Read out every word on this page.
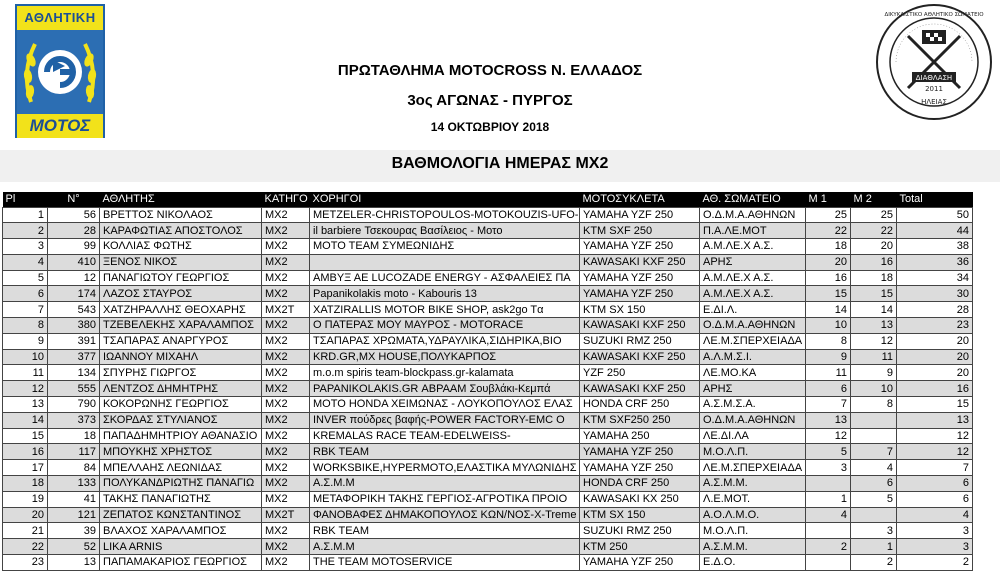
ΑΘΛΗΤΙΚΗ
ΜΟΤΟΣ
ΔΙΑΘΛΑΣΗ
2011
ΗΛΕΙΑΣ
ΔΙΚΥΚΛΙΣΤΙΚΟ ΑΘΛΗΤΙΚΟ ΣΩΜΑΤΕΙΟ
ΠΡΩΤΑΘΛΗΜΑ MOTOCROSS Ν. ΕΛΛΑΔΟΣ
3ος ΑΓΩΝΑΣ - ΠΥΡΓΟΣ
14 ΟΚΤΩΒΡΙΟΥ 2018
ΒΑΘΜΟΛΟΓΙΑ ΗΜΕΡΑΣ MX2
Pl	N°	ΑΘΛΗΤΗΣ	ΚΑΤΗΓΟ	ΧΟΡΗΓΟΙ	ΜΟΤΟΣΥΚΛΕΤΑ	ΑΘ. ΣΩΜΑΤΕΙΟ	Μ 1	Μ 2	Total
1	56	ΒΡΕΤΤΟΣ ΝΙΚΟΛΑΟΣ	MX2	METZELER-CHRISTOPOULOS-MOTOKOUZIS-UFO-	YAMAHA YZF 250	Ο.Δ.Μ.Α.ΑΘΗΝΩΝ	25	25	50
2	28	ΚΑΡΑΦΩΤΙΑΣ ΑΠΟΣΤΟΛΟΣ	MX2	il barbiere Τσεκουρας Βασίλειος - Μοτο	KTM SXF 250	Π.Α.ΛΕ.ΜΟΤ	22	22	44
3	99	ΚΟΛΛΙΑΣ ΦΩΤΗΣ	MX2	MOTO TEAM ΣΥΜΕΩΝΙΔΗΣ	YAMAHA YZF 250	Α.Μ.ΛΕ.Χ Α.Σ.	18	20	38
4	410	ΞΕΝΟΣ ΝΙΚΟΣ	MX2		KAWASAKI KXF 250	ΑΡΗΣ	20	16	36
5	12	ΠΑΝΑΓΙΩΤΟΥ ΓΕΩΡΓΙΟΣ	MX2	ΑΜΒΥΞ ΑΕ LUCOZADE ENERGY - ΑΣΦΑΛΕΙΕΣ ΠΑ	YAMAHA YZF 250	Α.Μ.ΛΕ.Χ Α.Σ.	16	18	34
6	174	ΛΑΖΟΣ ΣΤΑΥΡΟΣ	MX2	Papanikolakis moto - Kabouris 13	YAMAHA YZF 250	Α.Μ.ΛΕ.Χ Α.Σ.	15	15	30
7	543	ΧΑΤΖΗΡΑΛΛΗΣ ΘΕΟΧΑΡΗΣ	MX2T	XATZIRALLIS MOTOR BIKE SHOP, ask2go Tα	KTM SX 150	Ε.ΔΙ.Λ.	14	14	28
8	380	ΤΖΕΒΕΛΕΚΗΣ ΧΑΡΑΛΑΜΠΟΣ	MX2	Ο ΠΑΤΕΡΑΣ ΜΟΥ ΜΑΥΡΟΣ - MOTORACE	KAWASAKI KXF 250	Ο.Δ.Μ.Α.ΑΘΗΝΩΝ	10	13	23
9	391	ΤΣΑΠΑΡΑΣ ΑΝΑΡΓΥΡΟΣ	MX2	ΤΣΑΠΑΡΑΣ ΧΡΩΜΑΤΑ,ΥΔΡΑΥΛΙΚΑ,ΣΙΔΗΡΙΚΑ,ΒΙΟ	SUZUKI RMZ 250	ΛΕ.Μ.ΣΠΕΡΧΕΙΑΔΑ	8	12	20
10	377	ΙΩΑΝΝΟΥ ΜΙΧΑΗΛ	MX2	KRD.GR,MX HOUSE,ΠΟΛΥΚΑΡΠΟΣ	KAWASAKI KXF 250	Α.Λ.Μ.Σ.Ι.	9	11	20
11	134	ΣΠΥΡΗΣ ΓΙΩΡΓΟΣ	MX2	m.o.m spiris team-blockpass.gr-kalamata	YZF 250	ΛΕ.ΜΟ.ΚΑ	11	9	20
12	555	ΛΕΝΤΖΟΣ ΔΗΜΗΤΡΗΣ	MX2	PAPANIKOLAKIS.GR ΑΒΡΑΑΜ Σουβλάκι-Κεμπά	KAWASAKI KXF 250	ΑΡΗΣ	6	10	16
13	790	ΚΟΚΟΡΩΝΗΣ ΓΕΩΡΓΙΟΣ	MX2	MOTO HONDA ΧΕΙΜΩΝΑΣ - ΛΟΥΚΟΠΟΥΛΟΣ ΕΛΑΣ	HONDA CRF 250	Α.Σ.Μ.Σ.Α.	7	8	15
14	373	ΣΚΟΡΔΑΣ ΣΤΥΛΙΑΝΟΣ	MX2	INVER πούδρες βαφής-POWER FACTORY-EMC O	KTM SXF250 250	Ο.Δ.Μ.Α.ΑΘΗΝΩΝ	13		13
15	18	ΠΑΠΑΔΗΜΗΤΡΙΟΥ ΑΘΑΝΑΣΙΟ	MX2	KREMALAS RACE TEAM-EDELWEISS-	YAMAHA 250	ΛΕ.ΔΙ.ΛΑ	12		12
16	117	ΜΠΟΥΚΗΣ ΧΡΗΣΤΟΣ	MX2	RBK TEAM	YAMAHA YZF 250	Μ.Ο.Λ.Π.	5	7	12
17	84	ΜΠΕΛΛΑΗΣ ΛΕΩΝΙΔΑΣ	MX2	WORKSBIKE,HYPERMOTO,ΕΛΑΣΤΙΚΑ ΜΥΛΩΝΙΔΗΣ	YAMAHA YZF 250	ΛΕ.Μ.ΣΠΕΡΧΕΙΑΔΑ	3	4	7
18	133	ΠΟΛΥΚΑΝΔΡΙΩΤΗΣ ΠΑΝΑΓΙΩ	MX2	Α.Σ.Μ.Μ	HONDA CRF 250	Α.Σ.Μ.Μ.		6	6
19	41	ΤΑΚΗΣ ΠΑΝΑΓΙΩΤΗΣ	MX2	ΜΕΤΑΦΟΡΙΚΗ ΤΑΚΗΣ ΓΕΡΓΙΟΣ-ΑΓΡΟΤΙΚΑ ΠΡΟΙΟ	KAWASAKI KX 250	Λ.Ε.ΜΟΤ.	1	5	6
20	121	ΖΕΠΑΤΟΣ ΚΩΝΣΤΑΝΤΙΝΟΣ	MX2T	ΦΑΝΟΒΑΦΕΣ ΔΗΜΑΚΟΠΟΥΛΟΣ ΚΩΝ/ΝΟΣ-X-Treme	KTM SX 150	Α.Ο.Λ.Μ.Ο.	4		4
21	39	ΒΛΑΧΟΣ ΧΑΡΑΛΑΜΠΟΣ	MX2	RBK TEAM	SUZUKI RMZ 250	Μ.Ο.Λ.Π.		3	3
22	52	LIKA ARNIS	MX2	Α.Σ.Μ.Μ	KTM 250	Α.Σ.Μ.Μ.	2	1	3
23	13	ΠΑΠΑΜΑΚΑΡΙΟΣ ΓΕΩΡΓΙΟΣ	MX2	THE TEAM MOTOSERVICE	YAMAHA YZF 250	Ε.Δ.Ο.		2	2
